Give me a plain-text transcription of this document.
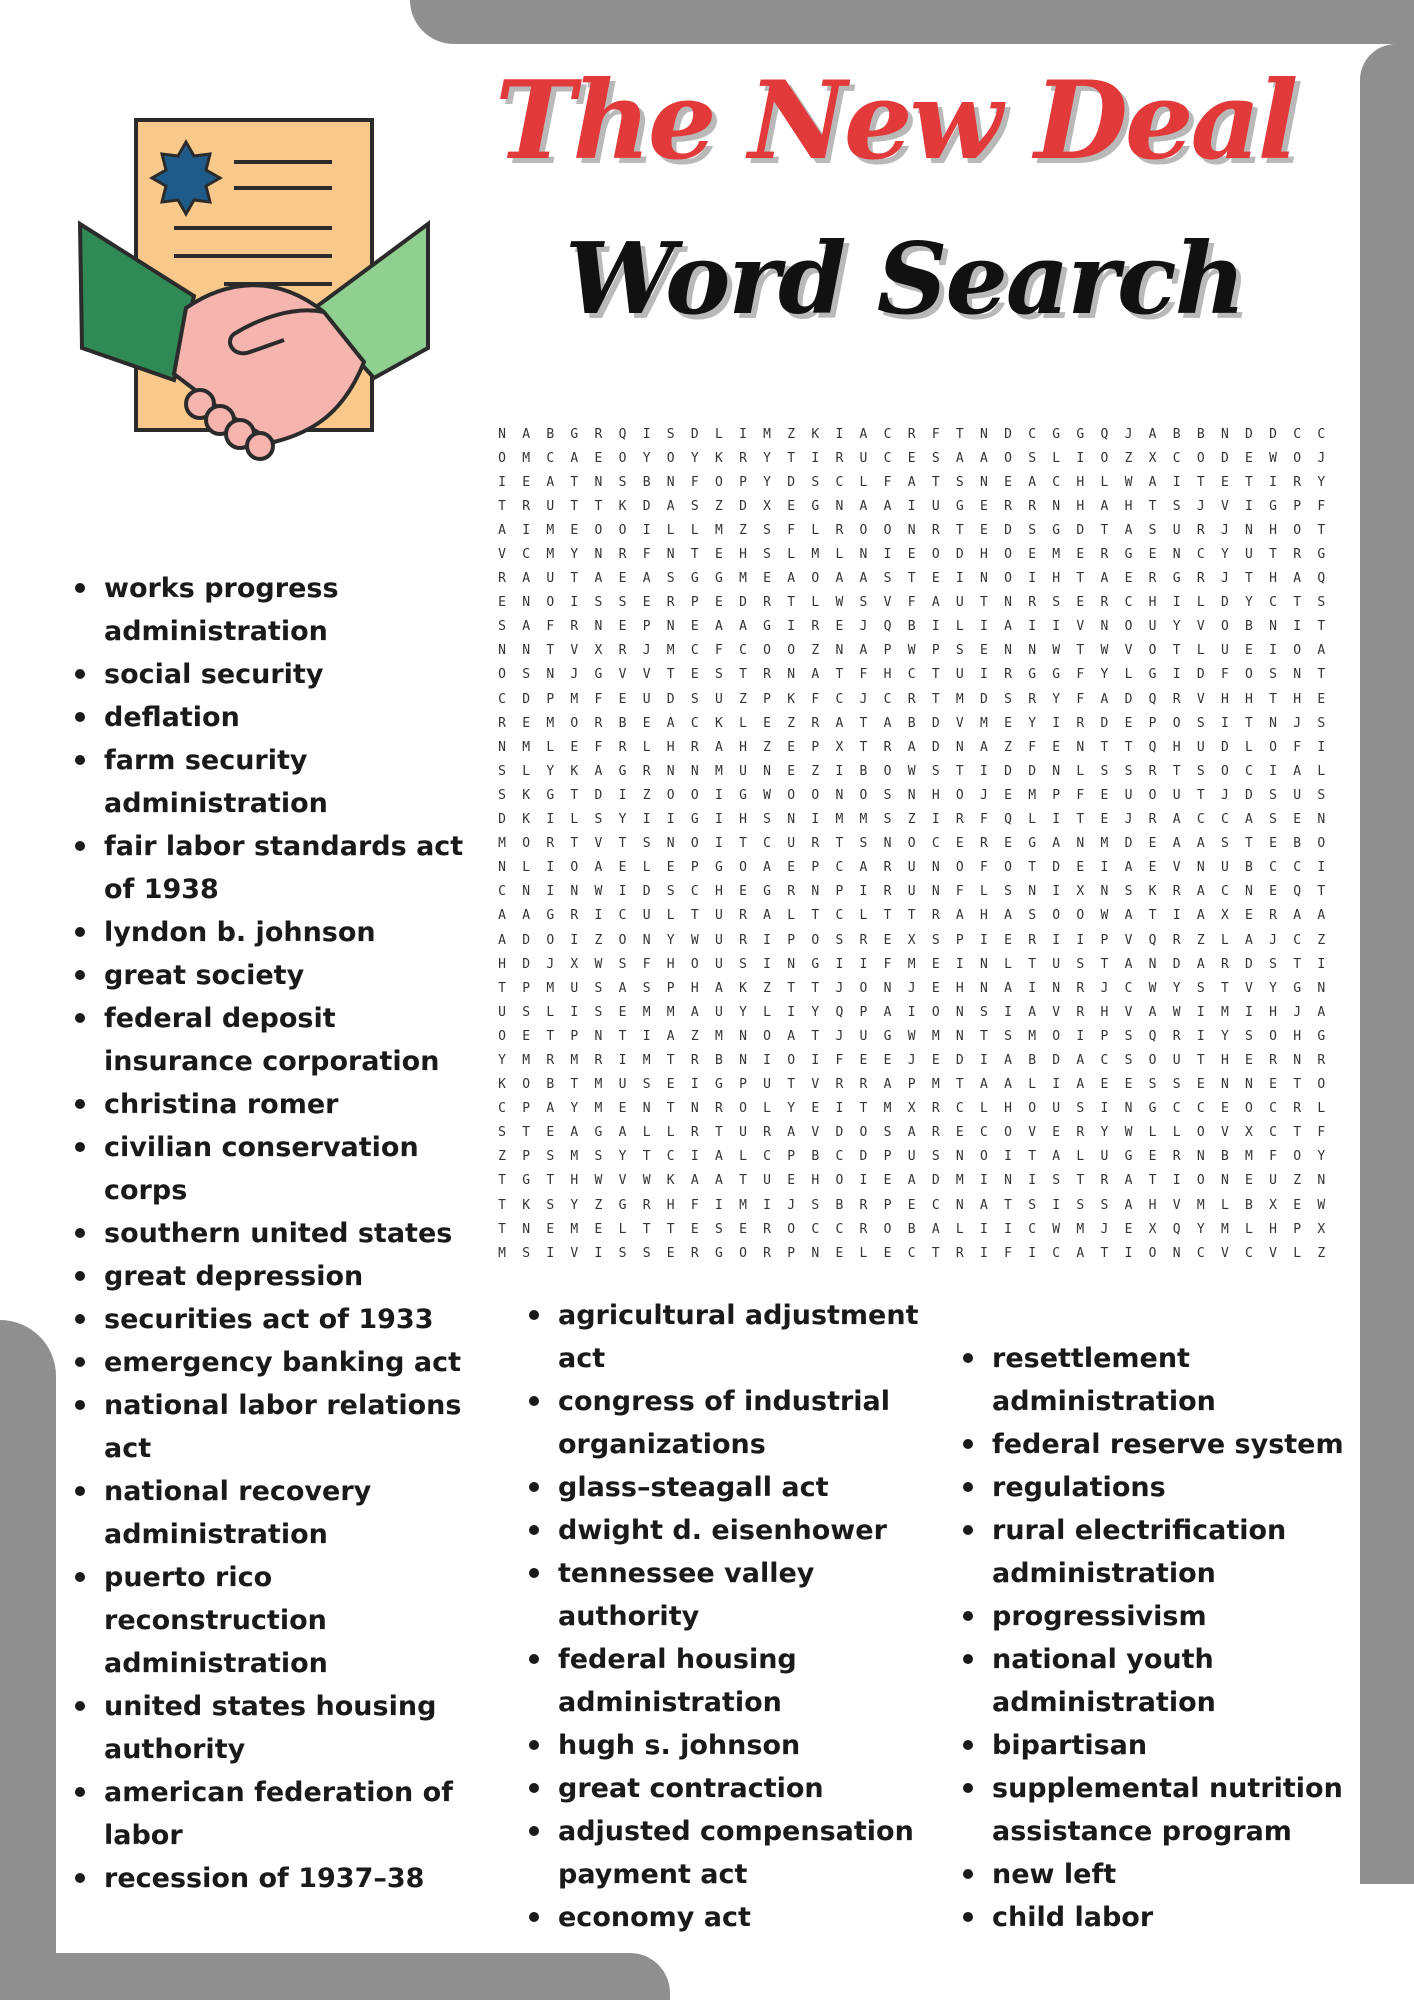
The New Deal
Word Search
N	A	B	G	R	Q	I	S	D	L	I	M	Z	K	I	A	C	R	F	T	N	D	C	G	G	Q	J	A	B	B	N	D	D	C	C
O	M	C	A	E	O	Y	O	Y	K	R	Y	T	I	R	U	C	E	S	A	A	O	S	L	I	O	Z	X	C	O	D	E	W	O	J
I	E	A	T	N	S	B	N	F	O	P	Y	D	S	C	L	F	A	T	S	N	E	A	C	H	L	W	A	I	T	E	T	I	R	Y
T	R	U	T	T	K	D	A	S	Z	D	X	E	G	N	A	A	I	U	G	E	R	R	N	H	A	H	T	S	J	V	I	G	P	F
A	I	M	E	O	O	I	L	L	M	Z	S	F	L	R	O	O	N	R	T	E	D	S	G	D	T	A	S	U	R	J	N	H	O	T
V	C	M	Y	N	R	F	N	T	E	H	S	L	M	L	N	I	E	O	D	H	O	E	M	E	R	G	E	N	C	Y	U	T	R	G
R	A	U	T	A	E	A	S	G	G	M	E	A	O	A	A	S	T	E	I	N	O	I	H	T	A	E	R	G	R	J	T	H	A	Q
E	N	O	I	S	S	E	R	P	E	D	R	T	L	W	S	V	F	A	U	T	N	R	S	E	R	C	H	I	L	D	Y	C	T	S
S	A	F	R	N	E	P	N	E	A	A	G	I	R	E	J	Q	B	I	L	I	A	I	I	V	N	O	U	Y	V	O	B	N	I	T
N	N	T	V	X	R	J	M	C	F	C	O	O	Z	N	A	P	W	P	S	E	N	N	W	T	W	V	O	T	L	U	E	I	O	A
O	S	N	J	G	V	V	T	E	S	T	R	N	A	T	F	H	C	T	U	I	R	G	G	F	Y	L	G	I	D	F	O	S	N	T
C	D	P	M	F	E	U	D	S	U	Z	P	K	F	C	J	C	R	T	M	D	S	R	Y	F	A	D	Q	R	V	H	H	T	H	E
R	E	M	O	R	B	E	A	C	K	L	E	Z	R	A	T	A	B	D	V	M	E	Y	I	R	D	E	P	O	S	I	T	N	J	S
N	M	L	E	F	R	L	H	R	A	H	Z	E	P	X	T	R	A	D	N	A	Z	F	E	N	T	T	Q	H	U	D	L	O	F	I
S	L	Y	K	A	G	R	N	N	M	U	N	E	Z	I	B	O	W	S	T	I	D	D	N	L	S	S	R	T	S	O	C	I	A	L
S	K	G	T	D	I	Z	O	O	I	G	W	O	O	N	O	S	N	H	O	J	E	M	P	F	E	U	O	U	T	J	D	S	U	S
D	K	I	L	S	Y	I	I	G	I	H	S	N	I	M	M	S	Z	I	R	F	Q	L	I	T	E	J	R	A	C	C	A	S	E	N
M	O	R	T	V	T	S	N	O	I	T	C	U	R	T	S	N	O	C	E	R	E	G	A	N	M	D	E	A	A	S	T	E	B	O
N	L	I	O	A	E	L	E	P	G	O	A	E	P	C	A	R	U	N	O	F	O	T	D	E	I	A	E	V	N	U	B	C	C	I
C	N	I	N	W	I	D	S	C	H	E	G	R	N	P	I	R	U	N	F	L	S	N	I	X	N	S	K	R	A	C	N	E	Q	T
A	A	G	R	I	C	U	L	T	U	R	A	L	T	C	L	T	T	R	A	H	A	S	O	O	W	A	T	I	A	X	E	R	A	A
A	D	O	I	Z	O	N	Y	W	U	R	I	P	O	S	R	E	X	S	P	I	E	R	I	I	P	V	Q	R	Z	L	A	J	C	Z
H	D	J	X	W	S	F	H	O	U	S	I	N	G	I	I	F	M	E	I	N	L	T	U	S	T	A	N	D	A	R	D	S	T	I
T	P	M	U	S	A	S	P	H	A	K	Z	T	T	J	O	N	J	E	H	N	A	I	N	R	J	C	W	Y	S	T	V	Y	G	N
U	S	L	I	S	E	M	M	A	U	Y	L	I	Y	Q	P	A	I	O	N	S	I	A	V	R	H	V	A	W	I	M	I	H	J	A
O	E	T	P	N	T	I	A	Z	M	N	O	A	T	J	U	G	W	M	N	T	S	M	O	I	P	S	Q	R	I	Y	S	O	H	G
Y	M	R	M	R	I	M	T	R	B	N	I	O	I	F	E	E	J	E	D	I	A	B	D	A	C	S	O	U	T	H	E	R	N	R
K	O	B	T	M	U	S	E	I	G	P	U	T	V	R	R	A	P	M	T	A	A	L	I	A	E	E	S	S	E	N	N	E	T	O
C	P	A	Y	M	E	N	T	N	R	O	L	Y	E	I	T	M	X	R	C	L	H	O	U	S	I	N	G	C	C	E	O	C	R	L
S	T	E	A	G	A	L	L	R	T	U	R	A	V	D	O	S	A	R	E	C	O	V	E	R	Y	W	L	L	O	V	X	C	T	F
Z	P	S	M	S	Y	T	C	I	A	L	C	P	B	C	D	P	U	S	N	O	I	T	A	L	U	G	E	R	N	B	M	F	O	Y
T	G	T	H	W	V	W	K	A	A	T	U	E	H	O	I	E	A	D	M	I	N	I	S	T	R	A	T	I	O	N	E	U	Z	N
T	K	S	Y	Z	G	R	H	F	I	M	I	J	S	B	R	P	E	C	N	A	T	S	I	S	S	A	H	V	M	L	B	X	E	W
T	N	E	M	E	L	T	T	E	S	E	R	O	C	C	R	O	B	A	L	I	I	C	W	M	J	E	X	Q	Y	M	L	H	P	X
M	S	I	V	I	S	S	E	R	G	O	R	P	N	E	L	E	C	T	R	I	F	I	C	A	T	I	O	N	C	V	C	V	L	Z
works progress administration
social security
deflation
farm security administration
fair labor standards act of 1938
lyndon b. johnson
great society
federal deposit insurance corporation
christina romer
civilian conservation corps
southern united states
great depression
securities act of 1933
emergency banking act
national labor relations act
national recovery administration
puerto rico reconstruction administration
united states housing authority
american federation of labor
recession of 1937–38
agricultural adjustment act
congress of industrial organizations
glass–steagall act
dwight d. eisenhower
tennessee valley authority
federal housing administration
hugh s. johnson
great contraction
adjusted compensation payment act
economy act
resettlement administration
federal reserve system
regulations
rural electrification administration
progressivism
national youth administration
bipartisan
supplemental nutrition assistance program
new left
child labor
